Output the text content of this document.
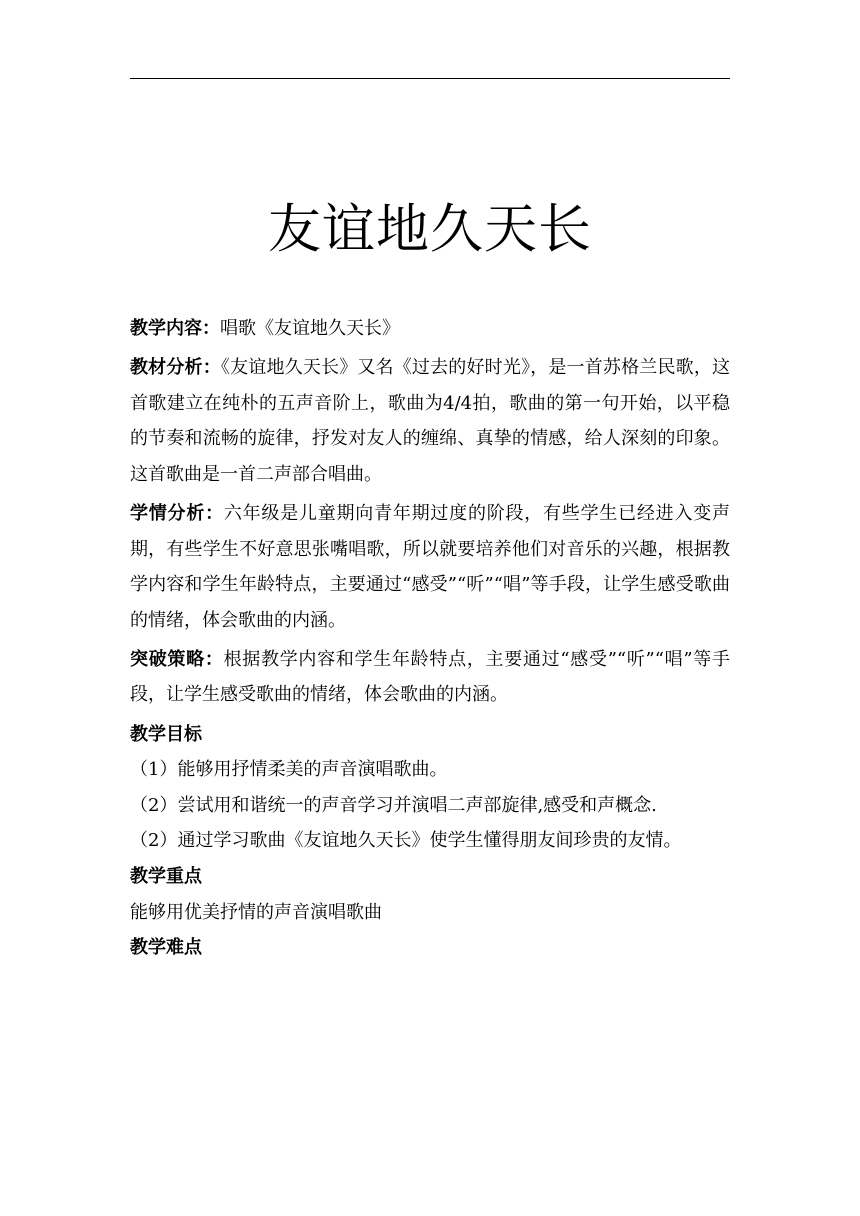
友谊地久天长

教学内容：唱歌《友谊地久天长》

教材分析：《友谊地久天长》又名《过去的好时光》，是一首苏格兰民歌，这首歌建立在纯朴的五声音阶上，歌曲为4/4拍，歌曲的第一句开始，以平稳的节奏和流畅的旋律，抒发对友人的缠绵、真挚的情感，给人深刻的印象。这首歌曲是一首二声部合唱曲。

学情分析：六年级是儿童期向青年期过度的阶段，有些学生已经进入变声期，有些学生不好意思张嘴唱歌，所以就要培养他们对音乐的兴趣，根据教学内容和学生年龄特点，主要通过“感受”“听”“唱”等手段，让学生感受歌曲的情绪，体会歌曲的内涵。

突破策略：根据教学内容和学生年龄特点，主要通过“感受”“听”“唱”等手段，让学生感受歌曲的情绪，体会歌曲的内涵。

教学目标

（1）能够用抒情柔美的声音演唱歌曲。

（2）尝试用和谐统一的声音学习并演唱二声部旋律,感受和声概念.

（2）通过学习歌曲《友谊地久天长》使学生懂得朋友间珍贵的友情。

教学重点

能够用优美抒情的声音演唱歌曲

教学难点
